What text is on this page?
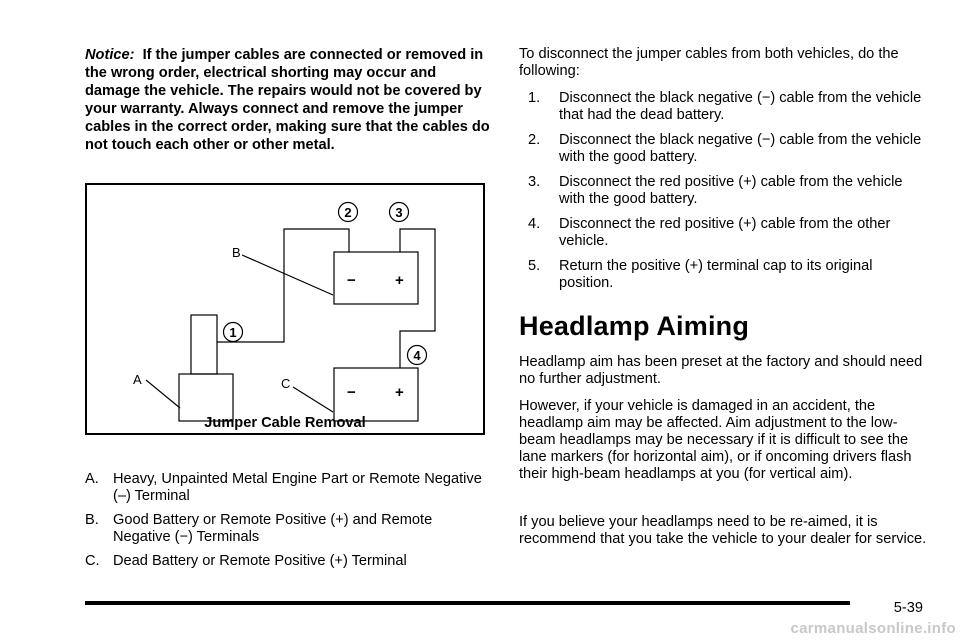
Notice: If the jumper cables are connected or removed in the wrong order, electrical shorting may occur and damage the vehicle. The repairs would not be covered by your warranty. Always connect and remove the jumper cables in the correct order, making sure that the cables do not touch each other or other metal.

−	+
−	+
B
A	C
1
2	3
4

Jumper Cable Removal

A. Heavy, Unpainted Metal Engine Part or Remote Negative (–) Terminal
B. Good Battery or Remote Positive (+) and Remote Negative (−) Terminals
C. Dead Battery or Remote Positive (+) Terminal

To disconnect the jumper cables from both vehicles, do the following:

1. Disconnect the black negative (−) cable from the vehicle that had the dead battery.
2. Disconnect the black negative (−) cable from the vehicle with the good battery.
3. Disconnect the red positive (+) cable from the vehicle with the good battery.
4. Disconnect the red positive (+) cable from the other vehicle.
5. Return the positive (+) terminal cap to its original position.
Headlamp Aiming

Headlamp aim has been preset at the factory and should need no further adjustment.

However, if your vehicle is damaged in an accident, the headlamp aim may be affected. Aim adjustment to the low-beam headlamps may be necessary if it is difficult to see the lane markers (for horizontal aim), or if oncoming drivers flash their high-beam headlamps at you (for vertical aim).

If you believe your headlamps need to be re-aimed, it is recommend that you take the vehicle to your dealer for service.

5-39
carmanualsonline.info
